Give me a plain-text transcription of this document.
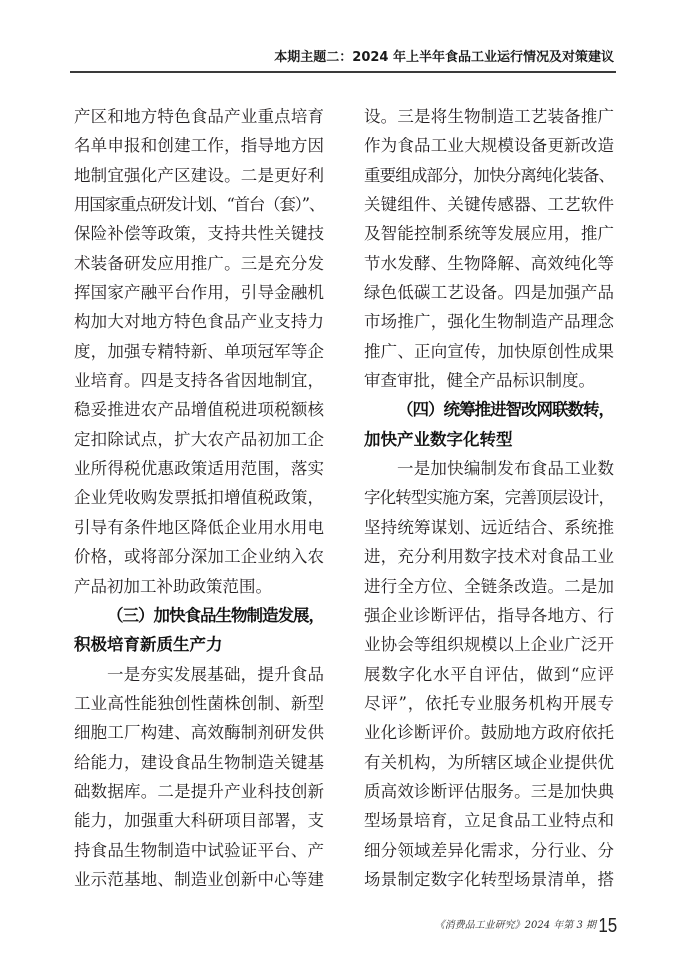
本期主题二：2024 年上半年食品工业运行情况及对策建议
产区和地方特色食品产业重点培育
名单申报和创建工作，指导地方因
地制宜强化产区建设。二是更好利
用国家重点研发计划、“首台（套）”、
保险补偿等政策，支持共性关键技
术装备研发应用推广。三是充分发
挥国家产融平台作用，引导金融机
构加大对地方特色食品产业支持力
度，加强专精特新、单项冠军等企
业培育。四是支持各省因地制宜，
稳妥推进农产品增值税进项税额核
定扣除试点，扩大农产品初加工企
业所得税优惠政策适用范围，落实
企业凭收购发票抵扣增值税政策，
引导有条件地区降低企业用水用电
价格，或将部分深加工企业纳入农
产品初加工补助政策范围。
（三）加快食品生物制造发展，
积极培育新质生产力
一是夯实发展基础，提升食品
工业高性能独创性菌株创制、新型
细胞工厂构建、高效酶制剂研发供
给能力，建设食品生物制造关键基
础数据库。二是提升产业科技创新
能力，加强重大科研项目部署，支
持食品生物制造中试验证平台、产
业示范基地、制造业创新中心等建
设。三是将生物制造工艺装备推广
作为食品工业大规模设备更新改造
重要组成部分，加快分离纯化装备、
关键组件、关键传感器、工艺软件
及智能控制系统等发展应用，推广
节水发酵、生物降解、高效纯化等
绿色低碳工艺设备。四是加强产品
市场推广，强化生物制造产品理念
推广、正向宣传，加快原创性成果
审查审批，健全产品标识制度。
（四）统筹推进智改网联数转，
加快产业数字化转型
一是加快编制发布食品工业数
字化转型实施方案，完善顶层设计，
坚持统筹谋划、远近结合、系统推
进，充分利用数字技术对食品工业
进行全方位、全链条改造。二是加
强企业诊断评估，指导各地方、行
业协会等组织规模以上企业广泛开
展数字化水平自评估，做到“应评
尽评”，依托专业服务机构开展专
业化诊断评价。鼓励地方政府依托
有关机构，为所辖区域企业提供优
质高效诊断评估服务。三是加快典
型场景培育，立足食品工业特点和
细分领域差异化需求，分行业、分
场景制定数字化转型场景清单，搭
《消费品工业研究》2024 年第 3 期 15
